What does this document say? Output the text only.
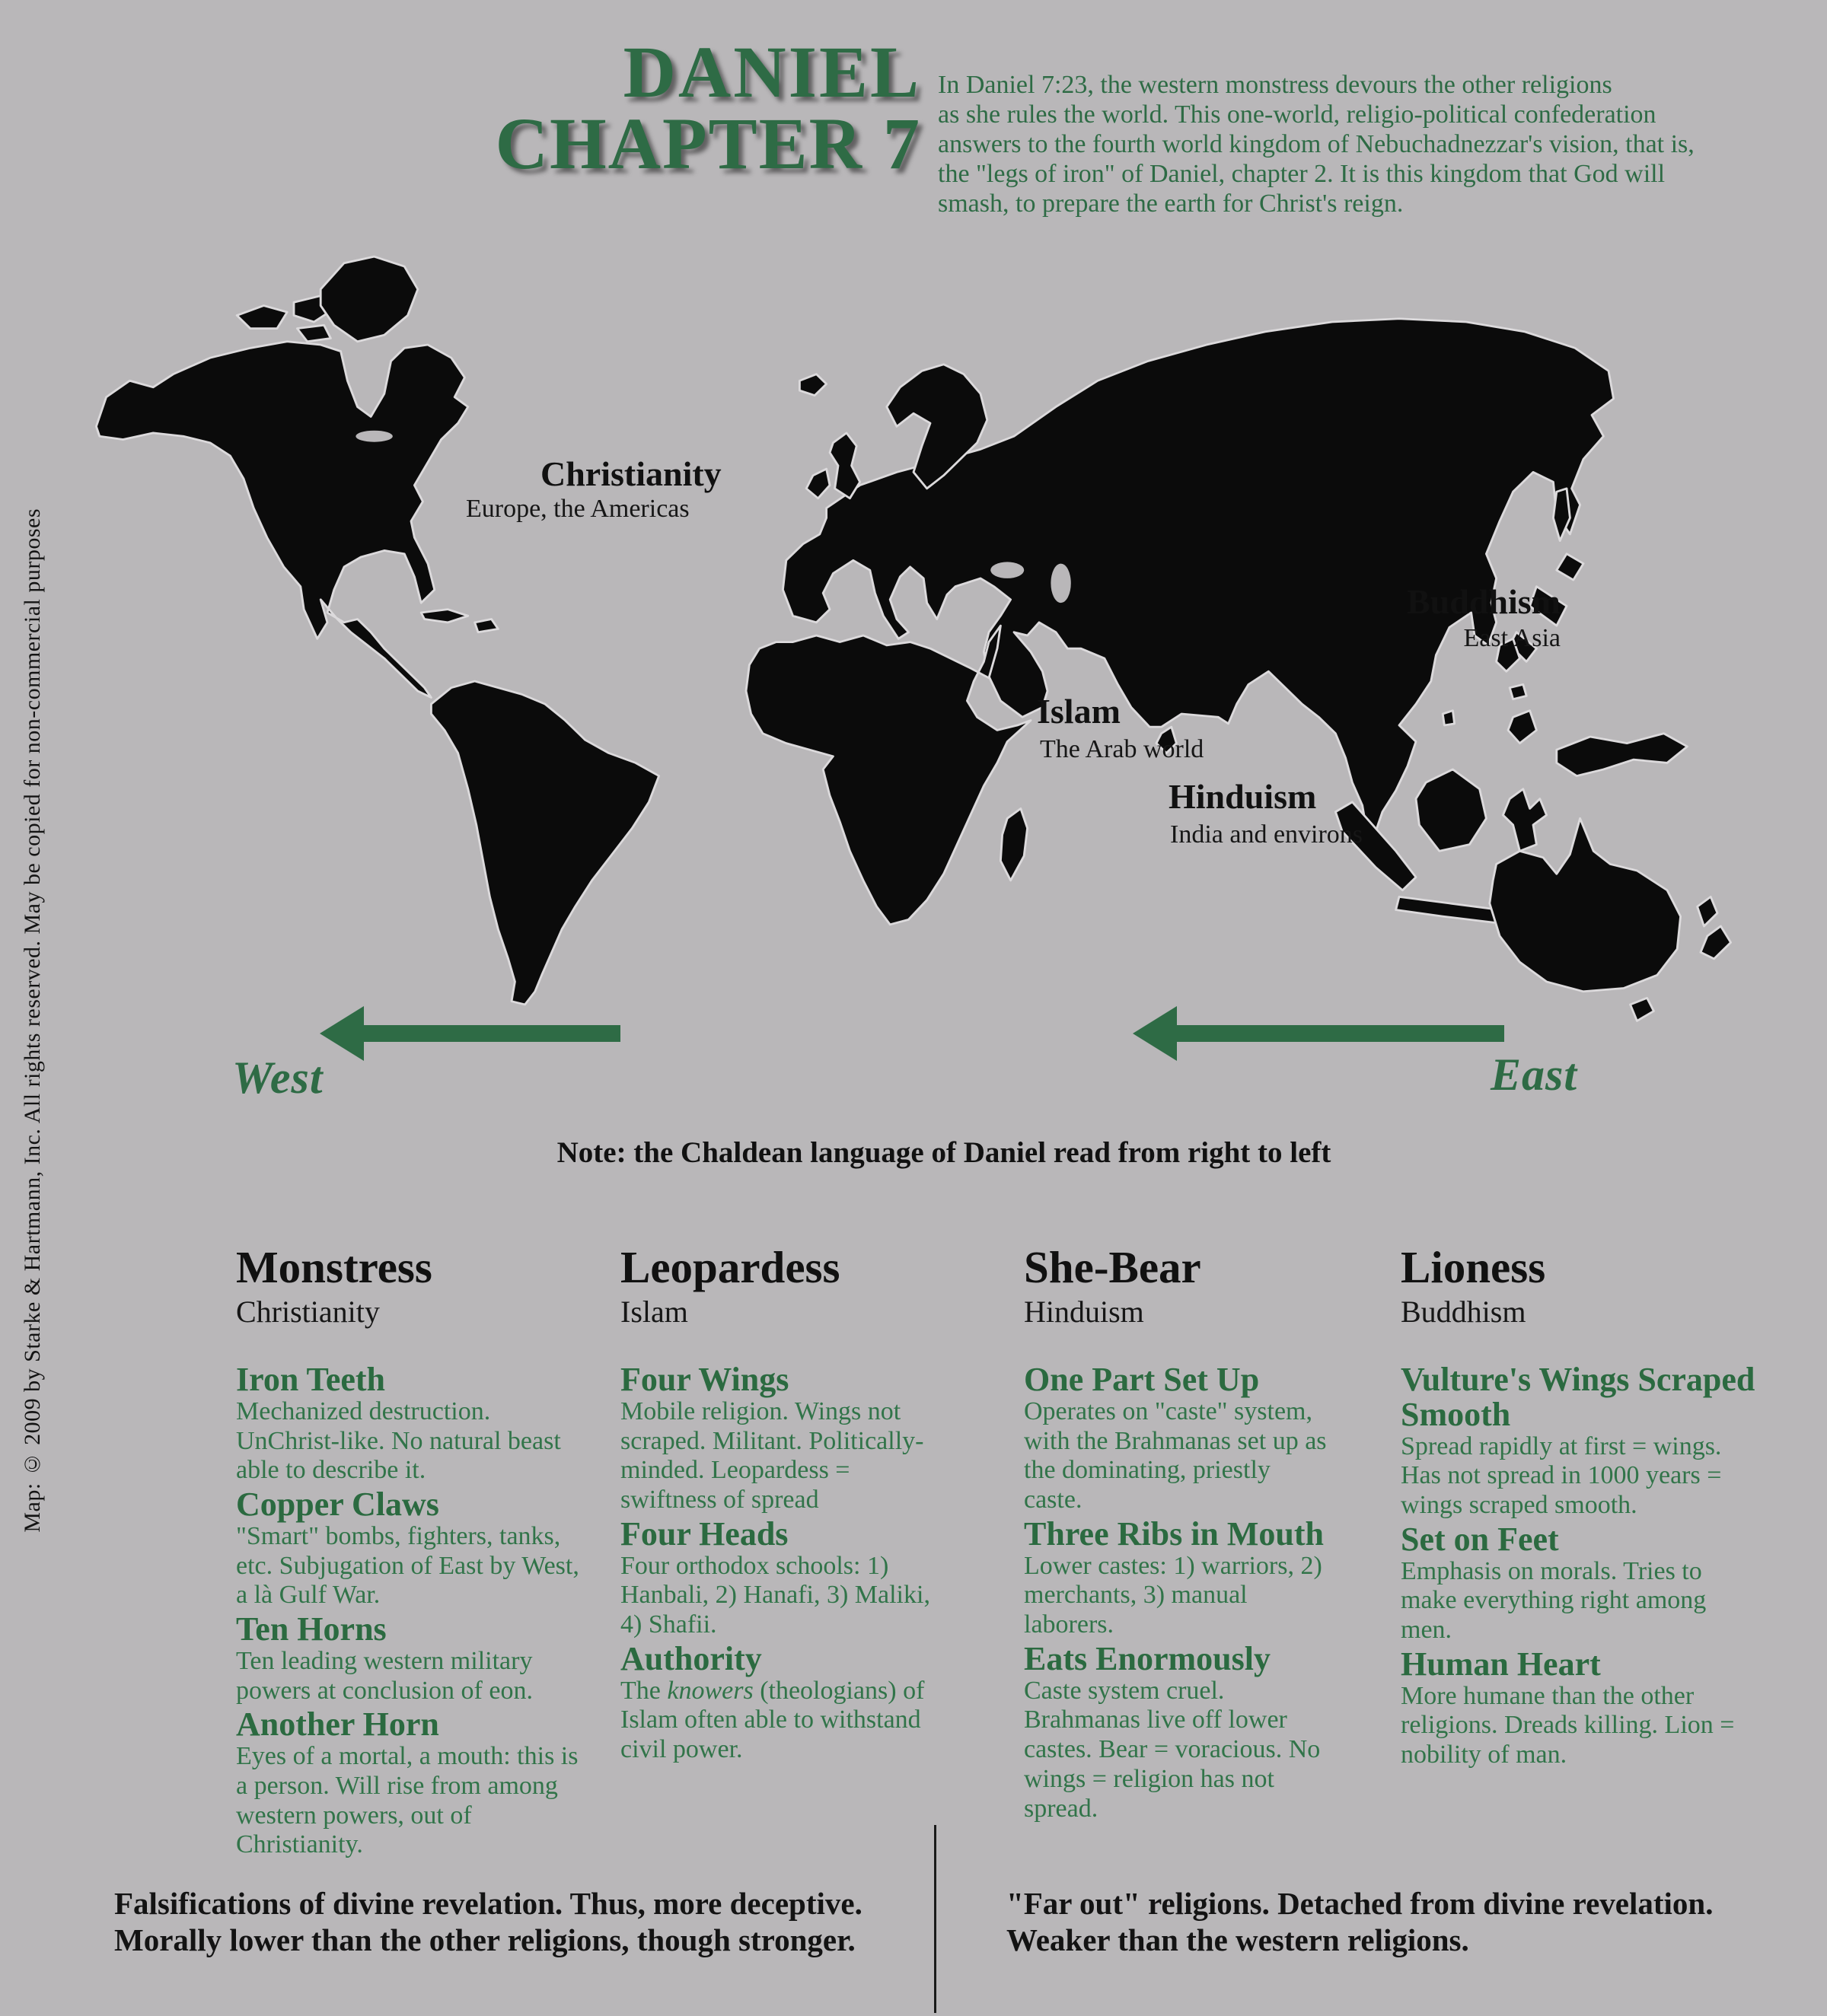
Map: © 2009 by Starke & Hartmann, Inc. All rights reserved. May be copied for non-commercial purposes
DANIEL
CHAPTER 7
In Daniel 7:23, the western monstress devours the other religions
as she rules the world. This one-world, religio-political confederation
answers to the fourth world kingdom of Nebuchadnezzar's vision, that is,
the "legs of iron" of Daniel, chapter 2. It is this kingdom that God will
smash, to prepare the earth for Christ's reign.
Christianity
Europe, the Americas
Islam
The Arab world
Hinduism
India and environs
Buddhism
East Asia
West	East
Note: the Chaldean language of Daniel read from right to left
Monstress
Christianity
Iron Teeth
Mechanized destruction. UnChrist-like. No natural beast able to describe it.
Copper Claws
"Smart" bombs, fighters, tanks, etc. Subjugation of East by West, a là Gulf War.
Ten Horns
Ten leading western military powers at conclusion of eon.
Another Horn
Eyes of a mortal, a mouth: this is a person. Will rise from among western powers, out of Christianity.
Leopardess
Islam
Four Wings
Mobile religion. Wings not scraped. Militant. Politically-minded. Leopardess = swiftness of spread
Four Heads
Four orthodox schools: 1) Hanbali, 2) Hanafi, 3) Maliki, 4) Shafii.
Authority
The knowers (theologians) of Islam often able to withstand civil power.
She-Bear
Hinduism
One Part Set Up
Operates on "caste" system, with the Brahmanas set up as the dominating, priestly caste.
Three Ribs in Mouth
Lower castes: 1) warriors, 2) merchants, 3) manual laborers.
Eats Enormously
Caste system cruel. Brahmanas live off lower castes. Bear = voracious. No wings = religion has not spread.
Lioness
Buddhism
Vulture's Wings Scraped Smooth
Spread rapidly at first = wings. Has not spread in 1000 years = wings scraped smooth.
Set on Feet
Emphasis on morals. Tries to make everything right among men.
Human Heart
More humane than the other religions. Dreads killing. Lion = nobility of man.
Falsifications of divine revelation. Thus, more deceptive.
Morally lower than the other religions, though stronger.
"Far out" religions. Detached from divine revelation.
Weaker than the western religions.
